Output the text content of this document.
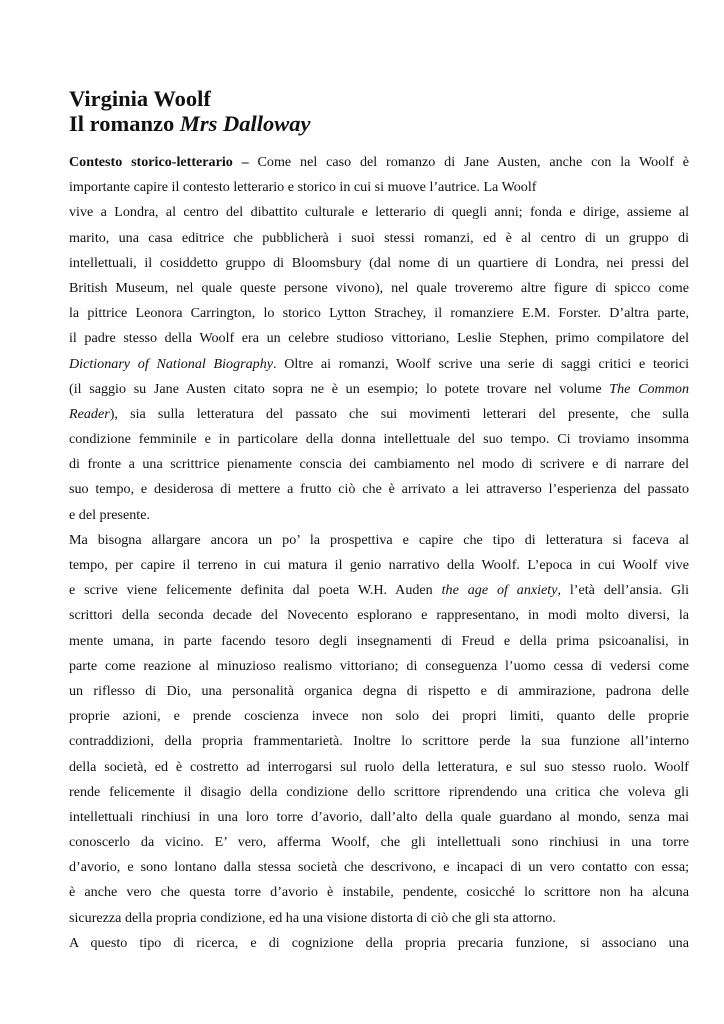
Virginia Woolf
Il romanzo Mrs Dalloway
Contesto storico-letterario – Come nel caso del romanzo di Jane Austen, anche con la Woolf è
importante capire il contesto letterario e storico in cui si muove l’autrice. La Woolf
vive a Londra, al centro del dibattito culturale e letterario di quegli anni; fonda e dirige, assieme al
marito, una casa editrice che pubblicherà i suoi stessi romanzi, ed è al centro di un gruppo di
intellettuali, il cosiddetto gruppo di Bloomsbury (dal nome di un quartiere di Londra, nei pressi del
British Museum, nel quale queste persone vivono), nel quale troveremo altre figure di spicco come
la pittrice Leonora Carrington, lo storico Lytton Strachey, il romanziere E.M. Forster. D’altra parte,
il padre stesso della Woolf era un celebre studioso vittoriano, Leslie Stephen, primo compilatore del
Dictionary of National Biography. Oltre ai romanzi, Woolf scrive una serie di saggi critici e teorici
(il saggio su Jane Austen citato sopra ne è un esempio; lo potete trovare nel volume The Common
Reader), sia sulla letteratura del passato che sui movimenti letterari del presente, che sulla
condizione femminile e in particolare della donna intellettuale del suo tempo. Ci troviamo insomma
di fronte a una scrittrice pienamente conscia dei cambiamento nel modo di scrivere e di narrare del
suo tempo, e desiderosa di mettere a frutto ciò che è arrivato a lei attraverso l’esperienza del passato
e del presente.
Ma bisogna allargare ancora un po’ la prospettiva e capire che tipo di letteratura si faceva al
tempo, per capire il terreno in cui matura il genio narrativo della Woolf. L’epoca in cui Woolf vive
e scrive viene felicemente definita dal poeta W.H. Auden the age of anxiety, l’età dell’ansia. Gli
scrittori della seconda decade del Novecento esplorano e rappresentano, in modi molto diversi, la
mente umana, in parte facendo tesoro degli insegnamenti di Freud e della prima psicoanalisi, in
parte come reazione al minuzioso realismo vittoriano; di conseguenza l’uomo cessa di vedersi come
un riflesso di Dio, una personalità organica degna di rispetto e di ammirazione, padrona delle
proprie azioni, e prende coscienza invece non solo dei propri limiti, quanto delle proprie
contraddizioni, della propria frammentarietà. Inoltre lo scrittore perde la sua funzione all’interno
della società, ed è costretto ad interrogarsi sul ruolo della letteratura, e sul suo stesso ruolo. Woolf
rende felicemente il disagio della condizione dello scrittore riprendendo una critica che voleva gli
intellettuali rinchiusi in una loro torre d’avorio, dall’alto della quale guardano al mondo, senza mai
conoscerlo da vicino. E’ vero, afferma Woolf, che gli intellettuali sono rinchiusi in una torre
d’avorio, e sono lontano dalla stessa società che descrivono, e incapaci di un vero contatto con essa;
è anche vero che questa torre d’avorio è instabile, pendente, cosicché lo scrittore non ha alcuna
sicurezza della propria condizione, ed ha una visione distorta di ciò che gli sta attorno.
A questo tipo di ricerca, e di cognizione della propria precaria funzione, si associano una
